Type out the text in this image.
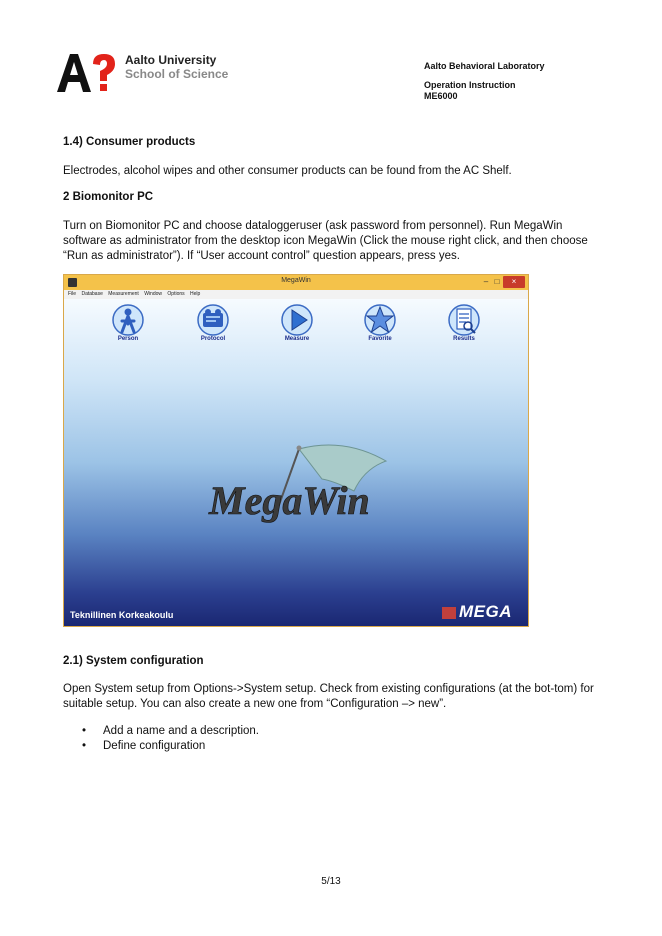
Aalto University
School of Science
Aalto Behavioral Laboratory
Operation Instruction
ME6000
1.4) Consumer products

Electrodes, alcohol wipes and other consumer products can be found from the AC Shelf.

2 Biomonitor PC

Turn on Biomonitor PC and choose dataloggeruser (ask password from personnel). Run MegaWin software as administrator from the desktop icon MegaWin (Click the mouse right click, and then choose “Run as administrator”). If “User account control” question appears, press yes.

MegaWin	– □	×
File Database Measurement Window Options Help
Person	Protocol	Measure	Favorite	Results
MegaWin
Teknillinen Korkeakoulu	MEGA
2.1) System configuration

Open System setup from Options->System setup. Check from existing configurations (at the bot-tom) for suitable setup. You can also create a new one from “Configuration –> new”.

• Add a name and a description.
• Define configuration
5/13
